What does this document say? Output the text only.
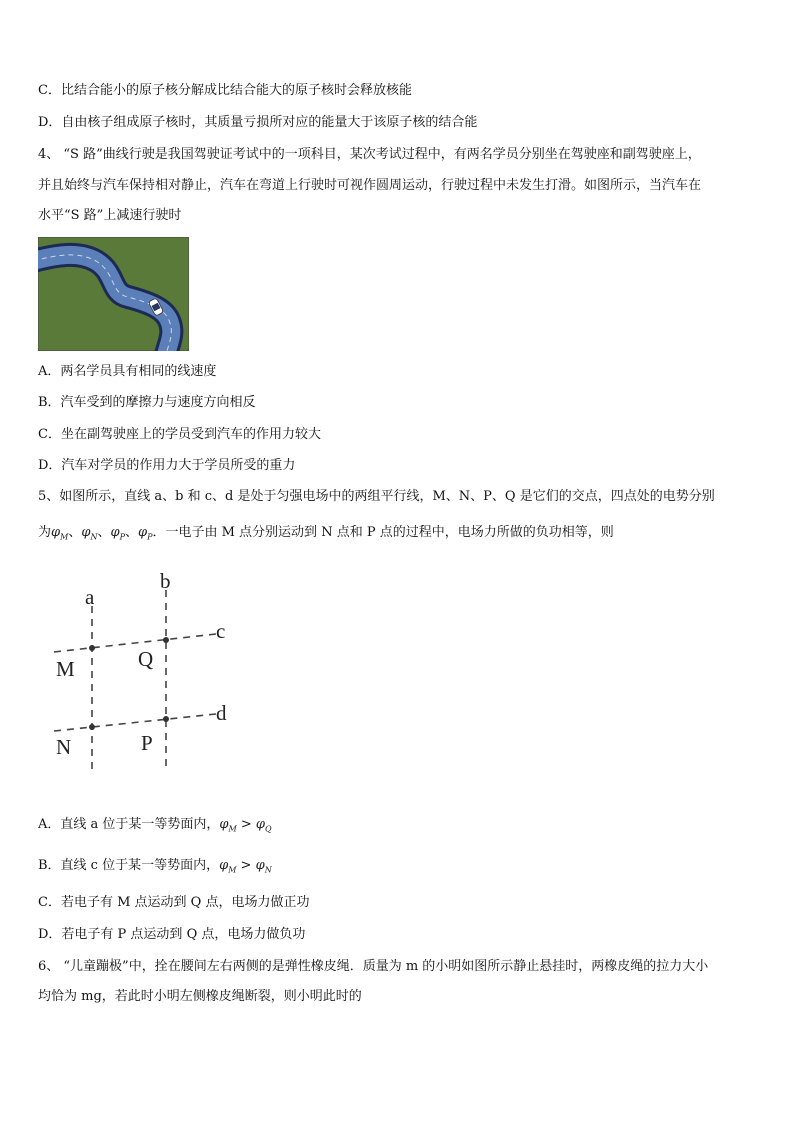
C．比结合能小的原子核分解成比结合能大的原子核时会释放核能
D．自由核子组成原子核时，其质量亏损所对应的能量大于该原子核的结合能
4、 “S 路”曲线行驶是我国驾驶证考试中的一项科目，某次考试过程中，有两名学员分别坐在驾驶座和副驾驶座上，
并且始终与汽车保持相对静止，汽车在弯道上行驶时可视作圆周运动，行驶过程中未发生打滑。如图所示，当汽车在
水平“S 路”上减速行驶时
A．两名学员具有相同的线速度
B．汽车受到的摩擦力与速度方向相反
C．坐在副驾驶座上的学员受到汽车的作用力较大
D．汽车对学员的作用力大于学员所受的重力
5、如图所示，直线 a、b 和 c、d 是处于匀强电场中的两组平行线，M、N、P、Q 是它们的交点，四点处的电势分别
为$\varphi_M$、$\varphi_N$、$\varphi_P$、$\varphi_P$．一电子由 M 点分别运动到 N 点和 P 点的过程中，电场力所做的负功相等，则
a
b
c
d
M	Q
N	P
A．直线 a 位于某一等势面内，$\varphi_M > \varphi_Q$
B．直线 c 位于某一等势面内，$\varphi_M > \varphi_N$
C．若电子有 M 点运动到 Q 点，电场力做正功
D．若电子有 P 点运动到 Q 点，电场力做负功
6、 “儿童蹦极”中，拴在腰间左右两侧的是弹性橡皮绳．质量为 m 的小明如图所示静止悬挂时，两橡皮绳的拉力大小
均恰为 mg，若此时小明左侧橡皮绳断裂，则小明此时的
